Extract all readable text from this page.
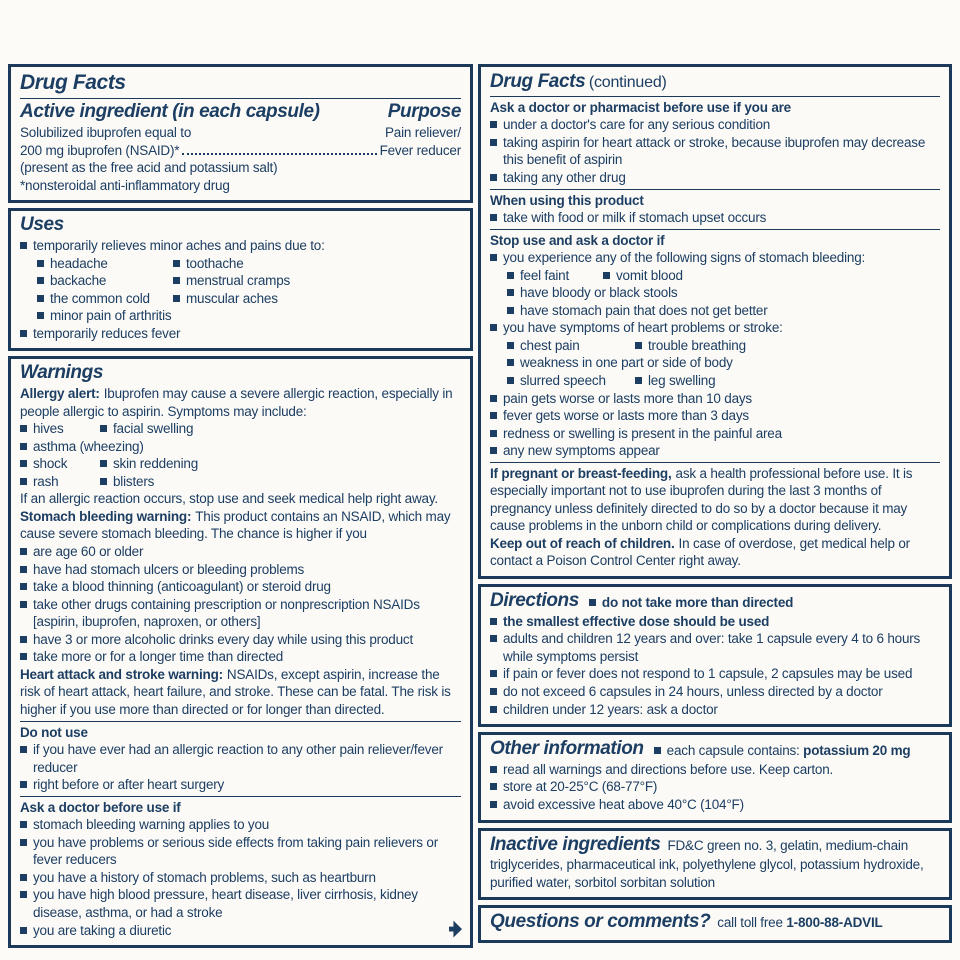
Drug Facts
Active ingredient (in each capsule)	Purpose
Solubilized ibuprofen equal to	Pain reliever/
200 mg ibuprofen (NSAID)*	Fever reducer
(present as the free acid and potassium salt)
*nonsteroidal anti-inflammatory drug
Uses
temporarily relieves minor aches and pains due to:
headache	toothache
backache	menstrual cramps
the common cold	muscular aches
minor pain of arthritis
temporarily reduces fever
Warnings
Allergy alert: Ibuprofen may cause a severe allergic reaction, especially in people allergic to aspirin. Symptoms may include:
hives	facial swelling
asthma (wheezing)
shock	skin reddening
rash	blisters
If an allergic reaction occurs, stop use and seek medical help right away.
Stomach bleeding warning: This product contains an NSAID, which may cause severe stomach bleeding. The chance is higher if you
are age 60 or older
have had stomach ulcers or bleeding problems
take a blood thinning (anticoagulant) or steroid drug
take other drugs containing prescription or nonprescription NSAIDs [aspirin, ibuprofen, naproxen, or others]
have 3 or more alcoholic drinks every day while using this product
take more or for a longer time than directed
Heart attack and stroke warning: NSAIDs, except aspirin, increase the risk of heart attack, heart failure, and stroke. These can be fatal. The risk is higher if you use more than directed or for longer than directed.
Do not use
if you have ever had an allergic reaction to any other pain reliever/fever reducer
right before or after heart surgery
Ask a doctor before use if
stomach bleeding warning applies to you
you have problems or serious side effects from taking pain relievers or fever reducers
you have a history of stomach problems, such as heartburn
you have high blood pressure, heart disease, liver cirrhosis, kidney disease, asthma, or had a stroke
you are taking a diuretic
Drug Facts (continued)
Ask a doctor or pharmacist before use if you are
under a doctor's care for any serious condition
taking aspirin for heart attack or stroke, because ibuprofen may decrease this benefit of aspirin
taking any other drug
When using this product
take with food or milk if stomach upset occurs
Stop use and ask a doctor if
you experience any of the following signs of stomach bleeding:
feel faint	vomit blood
have bloody or black stools
have stomach pain that does not get better
you have symptoms of heart problems or stroke:
chest pain	trouble breathing
weakness in one part or side of body
slurred speech	leg swelling
pain gets worse or lasts more than 10 days
fever gets worse or lasts more than 3 days
redness or swelling is present in the painful area
any new symptoms appear
If pregnant or breast-feeding, ask a health professional before use. It is especially important not to use ibuprofen during the last 3 months of pregnancy unless definitely directed to do so by a doctor because it may cause problems in the unborn child or complications during delivery.
Keep out of reach of children. In case of overdose, get medical help or contact a Poison Control Center right away.
Directions do not take more than directed
the smallest effective dose should be used
adults and children 12 years and over: take 1 capsule every 4 to 6 hours while symptoms persist
if pain or fever does not respond to 1 capsule, 2 capsules may be used
do not exceed 6 capsules in 24 hours, unless directed by a doctor
children under 12 years: ask a doctor
Other information each capsule contains:
potassium 20 mg
read all warnings and directions before use. Keep carton.
store at 20-25°C (68-77°F)
avoid excessive heat above 40°C (104°F)
Inactive ingredients FD&C green no. 3, gelatin, medium-chain triglycerides, pharmaceutical ink, polyethylene glycol, potassium hydroxide, purified water, sorbitol sorbitan solution
Questions or comments? call toll free 1-800-88-ADVIL
